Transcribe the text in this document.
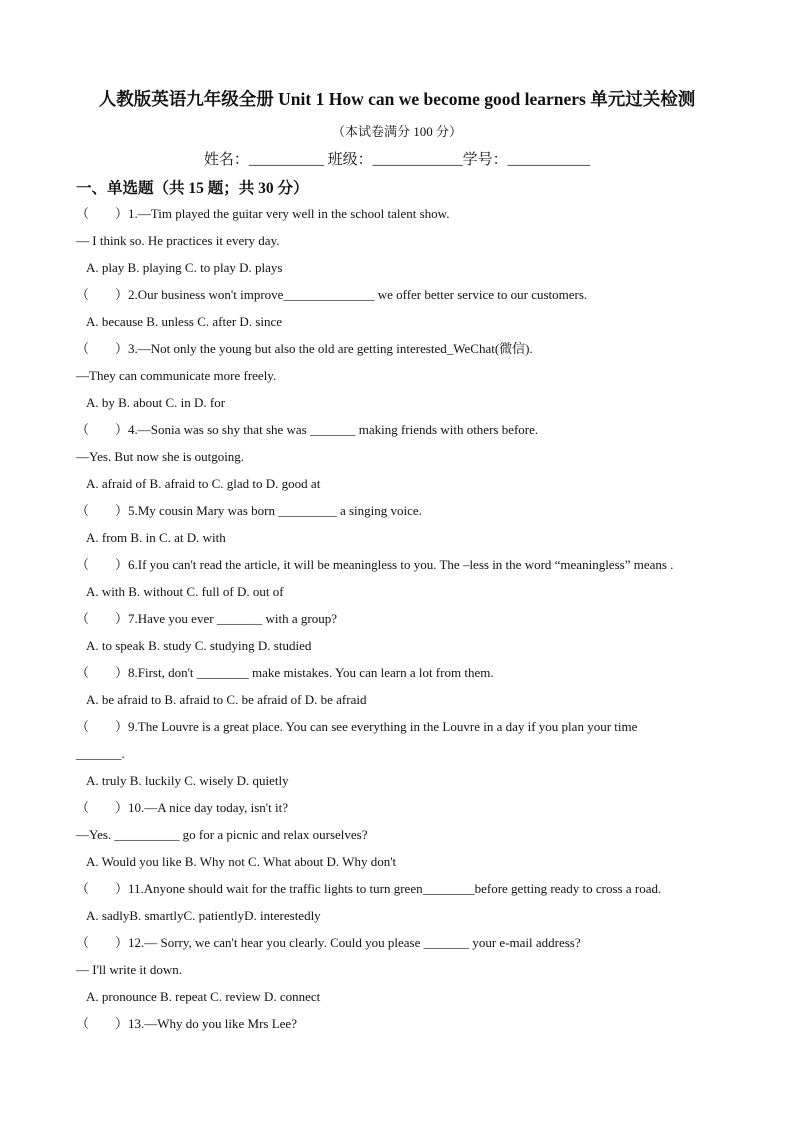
人教版英语九年级全册 Unit 1 How can we become good learners 单元过关检测
（本试卷满分 100 分）
姓名：__________ 班级：____________学号：___________
一、单选题（共 15 题；共 30 分）
（　　）1.—Tim played the guitar very well in the school talent show.
— I think so. He practices it every day.
A. play B. playing C. to play D. plays
（　　）2.Our business won't improve______________ we offer better service to our customers.
A. because B. unless C. after D. since
（　　）3.—Not only the young but also the old are getting interested_WeChat(微信).
—They can communicate more freely.
A. by B. about C. in D. for
（　　）4.—Sonia was so shy that she was _______ making friends with others before.
—Yes. But now she is outgoing.
A. afraid of B. afraid to C. glad to D. good at
（　　）5.My cousin Mary was born _________ a singing voice.
A. from B. in C. at D. with
（　　）6.If you can't read the article, it will be meaningless to you. The –less in the word “meaningless” means .
A. with B. without C. full of D. out of
（　　）7.Have you ever _______ with a group?
A. to speak B. study C. studying D. studied
（　　）8.First, don't ________ make mistakes. You can learn a lot from them.
A. be afraid to B. afraid to C. be afraid of D. be afraid
（　　）9.The Louvre is a great place. You can see everything in the Louvre in a day if you plan your time
_______.
A. truly B. luckily C. wisely D. quietly
（　　）10.—A nice day today, isn't it?
—Yes. __________ go for a picnic and relax ourselves?
A. Would you like B. Why not C. What about D. Why don't
（　　）11.Anyone should wait for the traffic lights to turn green________before getting ready to cross a road.
A. sadlyB. smartlyC. patientlyD. interestedly
（　　）12.— Sorry, we can't hear you clearly. Could you please _______ your e-mail address?
— I'll write it down.
A. pronounce B. repeat C. review D. connect
（　　）13.—Why do you like Mrs Lee?
